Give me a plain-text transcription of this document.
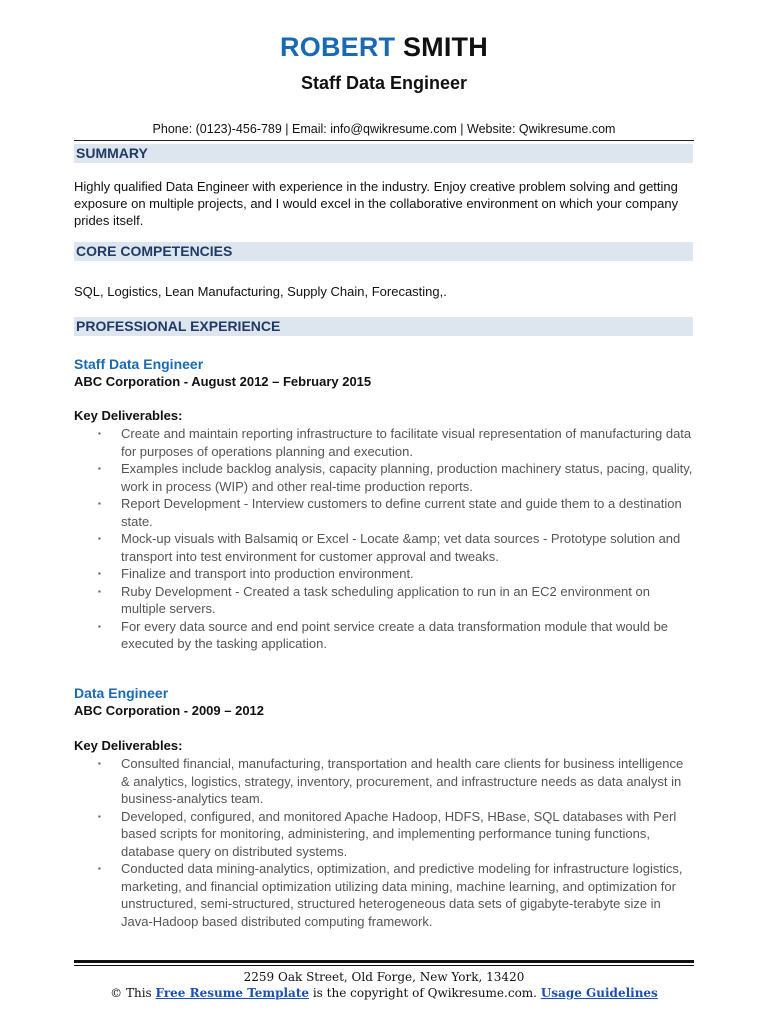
ROBERT SMITH
Staff Data Engineer
Phone: (0123)-456-789 | Email: info@qwikresume.com | Website: Qwikresume.com
SUMMARY
Highly qualified Data Engineer with experience in the industry. Enjoy creative problem solving and getting exposure on multiple projects, and I would excel in the collaborative environment on which your company prides itself.
CORE COMPETENCIES
SQL, Logistics, Lean Manufacturing, Supply Chain, Forecasting,.
PROFESSIONAL EXPERIENCE
Staff Data Engineer
ABC Corporation - August 2012 – February 2015
Key Deliverables:
▪ Create and maintain reporting infrastructure to facilitate visual representation of manufacturing data for purposes of operations planning and execution.
▪ Examples include backlog analysis, capacity planning, production machinery status, pacing, quality, work in process (WIP) and other real-time production reports.
▪ Report Development - Interview customers to define current state and guide them to a destination state.
▪ Mock-up visuals with Balsamiq or Excel - Locate &amp; vet data sources - Prototype solution and transport into test environment for customer approval and tweaks.
▪ Finalize and transport into production environment.
▪ Ruby Development - Created a task scheduling application to run in an EC2 environment on multiple servers.
▪ For every data source and end point service create a data transformation module that would be executed by the tasking application.
Data Engineer
ABC Corporation - 2009 – 2012
Key Deliverables:
▪ Consulted financial, manufacturing, transportation and health care clients for business intelligence & analytics, logistics, strategy, inventory, procurement, and infrastructure needs as data analyst in business-analytics team.
▪ Developed, configured, and monitored Apache Hadoop, HDFS, HBase, SQL databases with Perl based scripts for monitoring, administering, and implementing performance tuning functions, database query on distributed systems.
▪ Conducted data mining-analytics, optimization, and predictive modeling for infrastructure logistics, marketing, and financial optimization utilizing data mining, machine learning, and optimization for unstructured, semi-structured, structured heterogeneous data sets of gigabyte-terabyte size in Java-Hadoop based distributed computing framework.
2259 Oak Street, Old Forge, New York, 13420
© This Free Resume Template is the copyright of Qwikresume.com. Usage Guidelines
